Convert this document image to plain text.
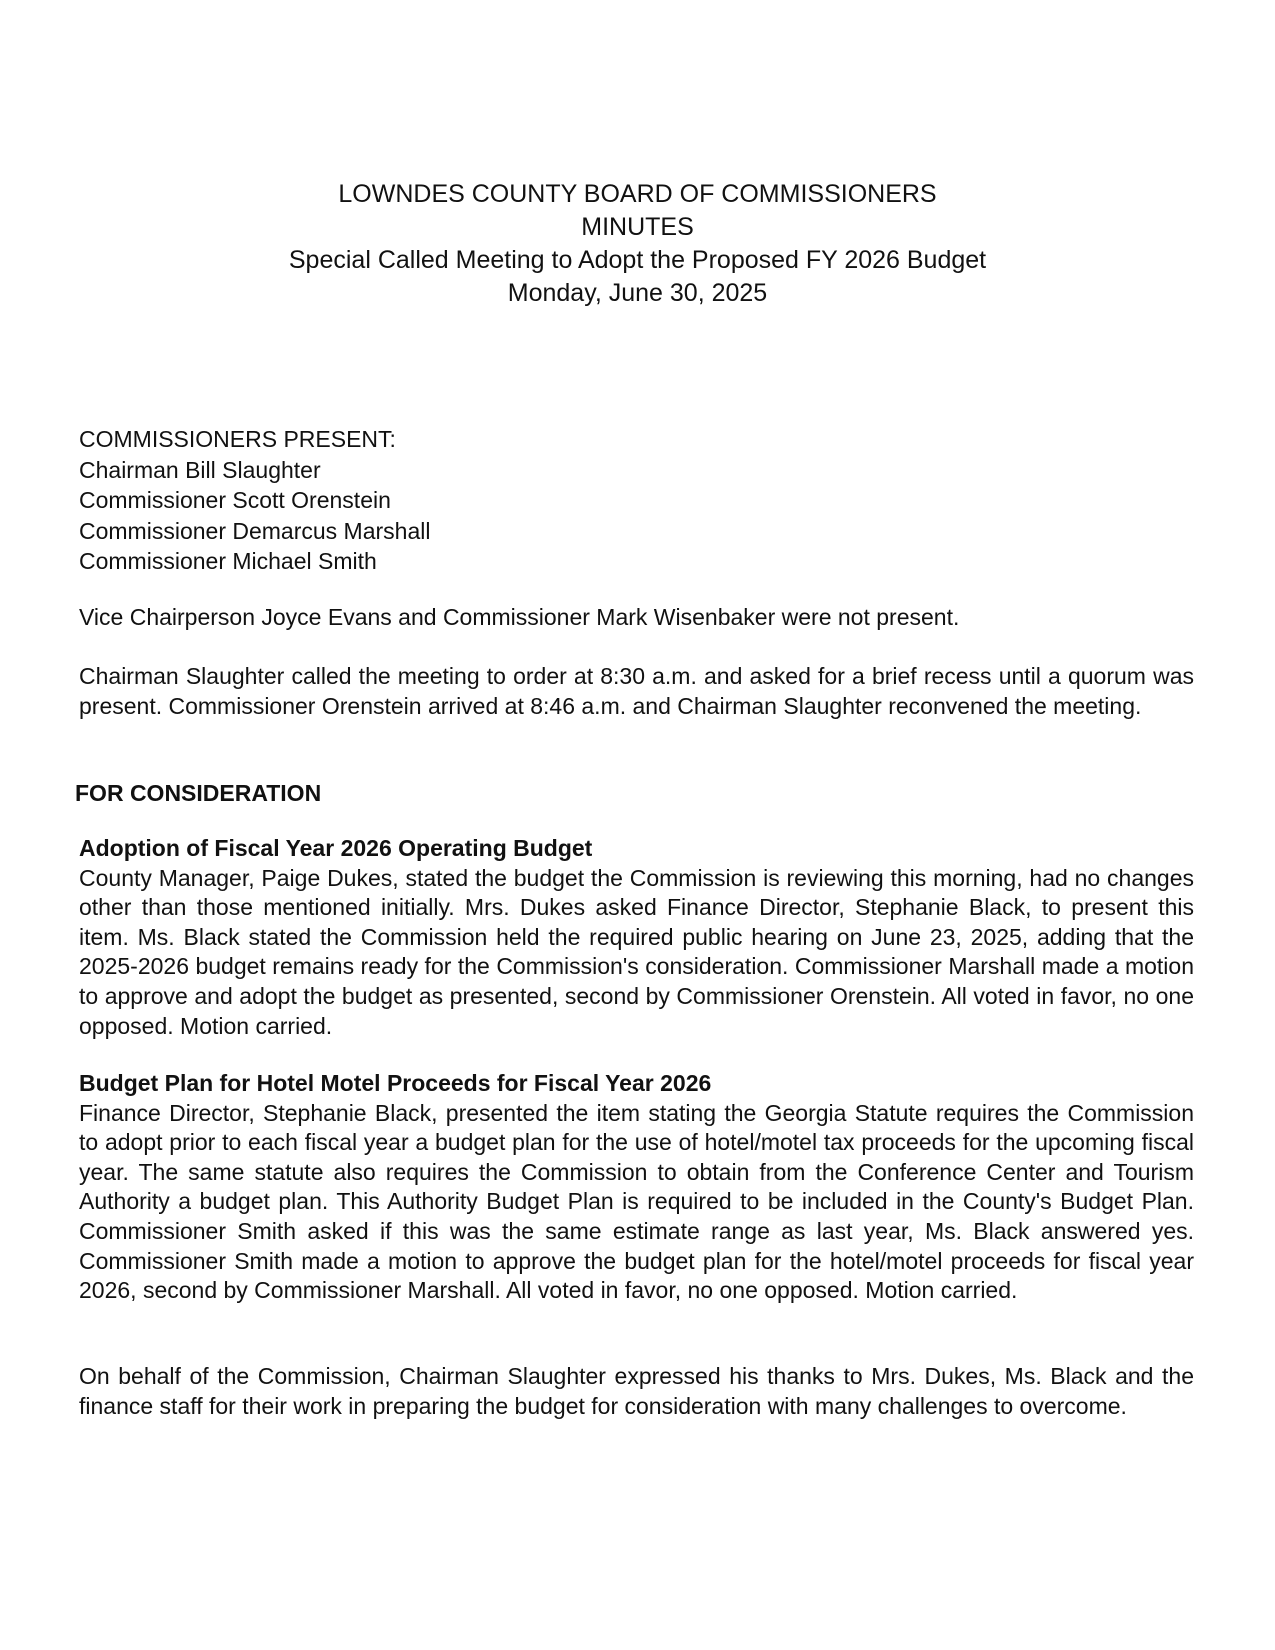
LOWNDES COUNTY BOARD OF COMMISSIONERS
MINUTES
Special Called Meeting to Adopt the Proposed FY 2026 Budget
Monday, June 30, 2025
COMMISSIONERS PRESENT:
Chairman Bill Slaughter
Commissioner Scott Orenstein
Commissioner Demarcus Marshall
Commissioner Michael Smith
Vice Chairperson Joyce Evans and Commissioner Mark Wisenbaker were not present.
Chairman Slaughter called the meeting to order at 8:30 a.m. and asked for a brief recess until a quorum was present. Commissioner Orenstein arrived at 8:46 a.m. and Chairman Slaughter reconvened the meeting.
FOR CONSIDERATION
Adoption of Fiscal Year 2026 Operating Budget
County Manager, Paige Dukes, stated the budget the Commission is reviewing this morning, had no changes other than those mentioned initially. Mrs. Dukes asked Finance Director, Stephanie Black, to present this item. Ms. Black stated the Commission held the required public hearing on June 23, 2025, adding that the 2025-2026 budget remains ready for the Commission's consideration. Commissioner Marshall made a motion to approve and adopt the budget as presented, second by Commissioner Orenstein. All voted in favor, no one opposed. Motion carried.
Budget Plan for Hotel Motel Proceeds for Fiscal Year 2026
Finance Director, Stephanie Black, presented the item stating the Georgia Statute requires the Commission to adopt prior to each fiscal year a budget plan for the use of hotel/motel tax proceeds for the upcoming fiscal year. The same statute also requires the Commission to obtain from the Conference Center and Tourism Authority a budget plan. This Authority Budget Plan is required to be included in the County's Budget Plan. Commissioner Smith asked if this was the same estimate range as last year, Ms. Black answered yes. Commissioner Smith made a motion to approve the budget plan for the hotel/motel proceeds for fiscal year 2026, second by Commissioner Marshall. All voted in favor, no one opposed. Motion carried.
On behalf of the Commission, Chairman Slaughter expressed his thanks to Mrs. Dukes, Ms. Black and the finance staff for their work in preparing the budget for consideration with many challenges to overcome.
